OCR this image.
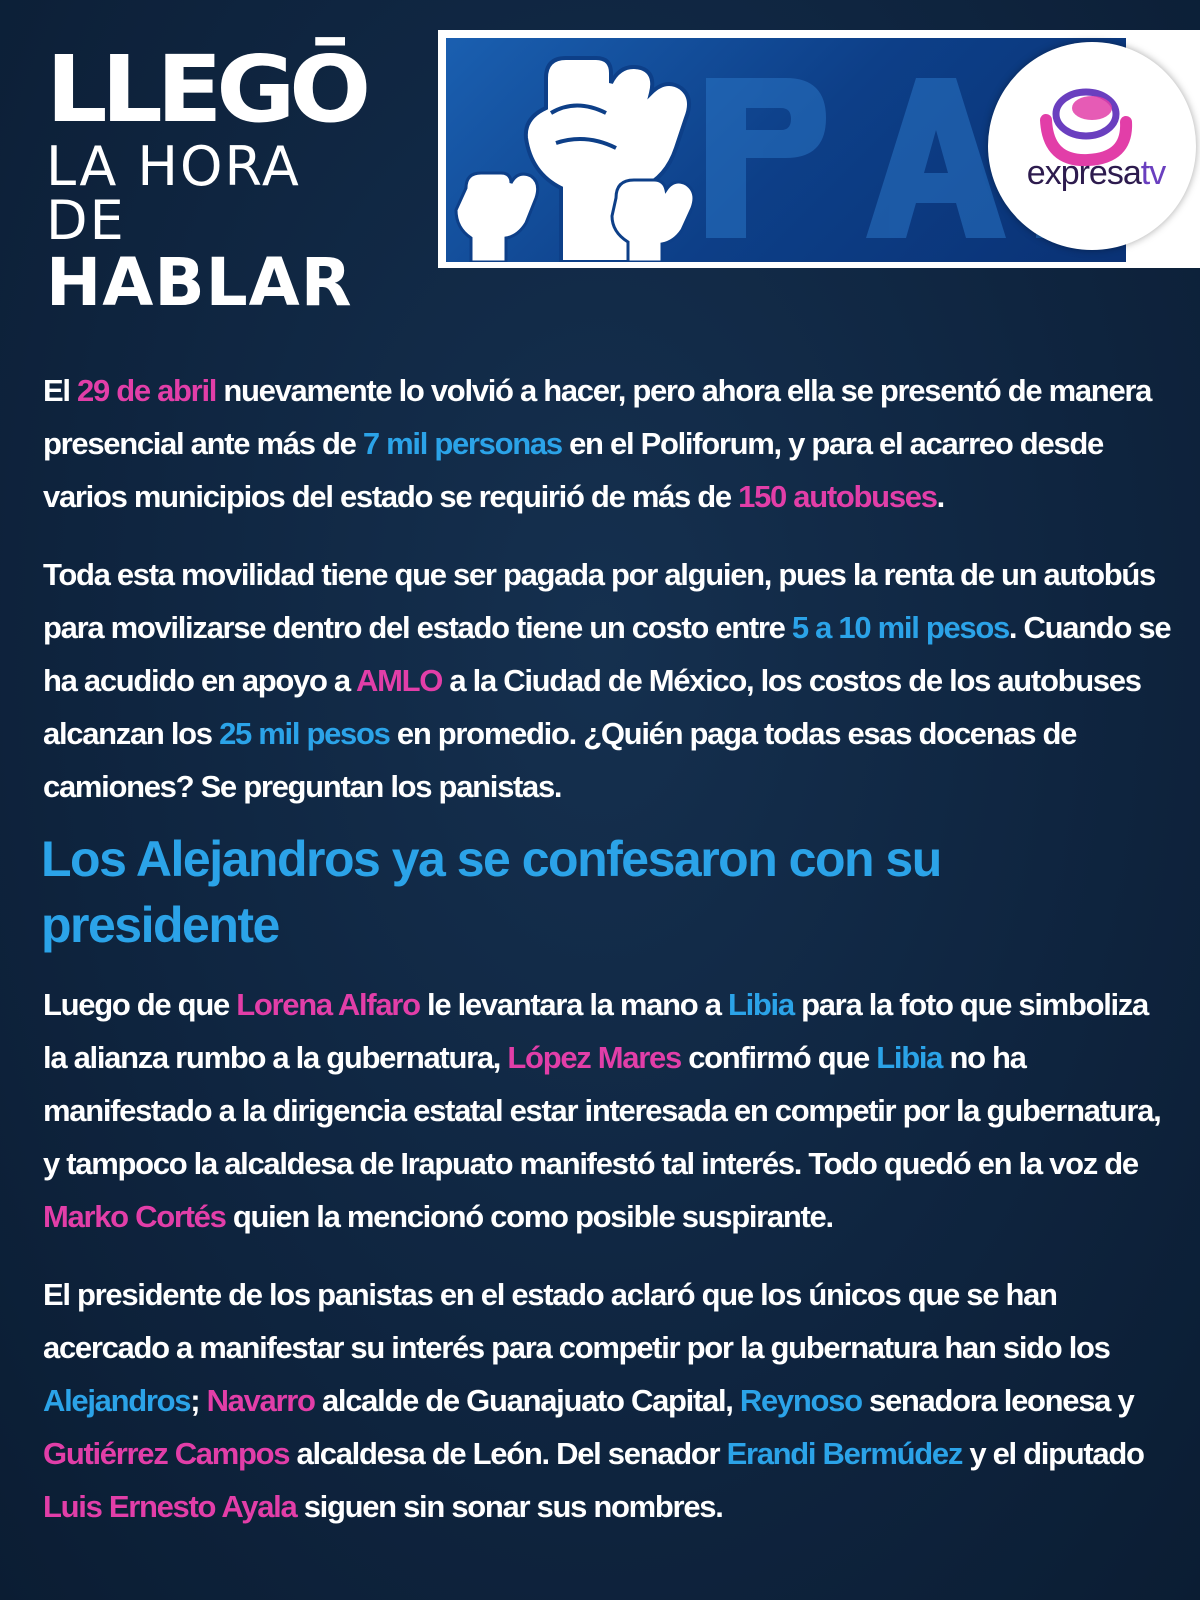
LLEGŌ
LA HORA DE
HABLAR
expresatv

El 29 de abril nuevamente lo volvió a hacer, pero ahora ella se presentó de manera presencial ante más de 7 mil personas en el Poliforum, y para el acarreo desde varios municipios del estado se requirió de más de 150 autobuses.

Toda esta movilidad tiene que ser pagada por alguien, pues la renta de un autobús para movilizarse dentro del estado tiene un costo entre 5 a 10 mil pesos. Cuando se ha acudido en apoyo a AMLO a la Ciudad de México, los costos de los autobuses alcanzan los 25 mil pesos en promedio. ¿Quién paga todas esas docenas de camiones? Se preguntan los panistas.

Los Alejandros ya se confesaron con su presidente

Luego de que Lorena Alfaro le levantara la mano a Libia para la foto que simboliza la alianza rumbo a la gubernatura, López Mares confirmó que Libia no ha manifestado a la dirigencia estatal estar interesada en competir por la gubernatura, y tampoco la alcaldesa de Irapuato manifestó tal interés. Todo quedó en la voz de Marko Cortés quien la mencionó como posible suspirante.

El presidente de los panistas en el estado aclaró que los únicos que se han acercado a manifestar su interés para competir por la gubernatura han sido los Alejandros; Navarro alcalde de Guanajuato Capital, Reynoso senadora leonesa y Gutiérrez Campos alcaldesa de León. Del senador Erandi Bermúdez y el diputado Luis Ernesto Ayala siguen sin sonar sus nombres.
